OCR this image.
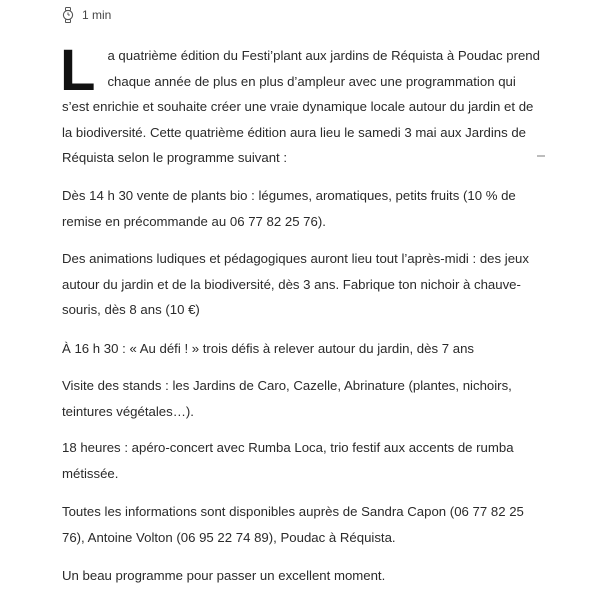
1 min

La quatrième édition du Festi’plant aux jardins de Réquista à Poudac prend chaque année de plus en plus d’ampleur avec une programmation qui s’est enrichie et souhaite créer une vraie dynamique locale autour du jardin et de la biodiversité. Cette quatrième édition aura lieu le samedi 3 mai aux Jardins de Réquista selon le programme suivant :

Dès 14 h 30 vente de plants bio : légumes, aromatiques, petits fruits (10 % de remise en précommande au 06 77 82 25 76).

Des animations ludiques et pédagogiques auront lieu tout l’après-midi : des jeux autour du jardin et de la biodiversité, dès 3 ans. Fabrique ton nichoir à chauve-souris, dès 8 ans (10 €)

À 16 h 30 : « Au défi ! » trois défis à relever autour du jardin, dès 7 ans

Visite des stands : les Jardins de Caro, Cazelle, Abrinature (plantes, nichoirs, teintures végétales…).

18 heures : apéro-concert avec Rumba Loca, trio festif aux accents de rumba métissée.

Toutes les informations sont disponibles auprès de Sandra Capon (06 77 82 25 76), Antoine Volton (06 95 22 74 89), Poudac à Réquista.

Un beau programme pour passer un excellent moment.
